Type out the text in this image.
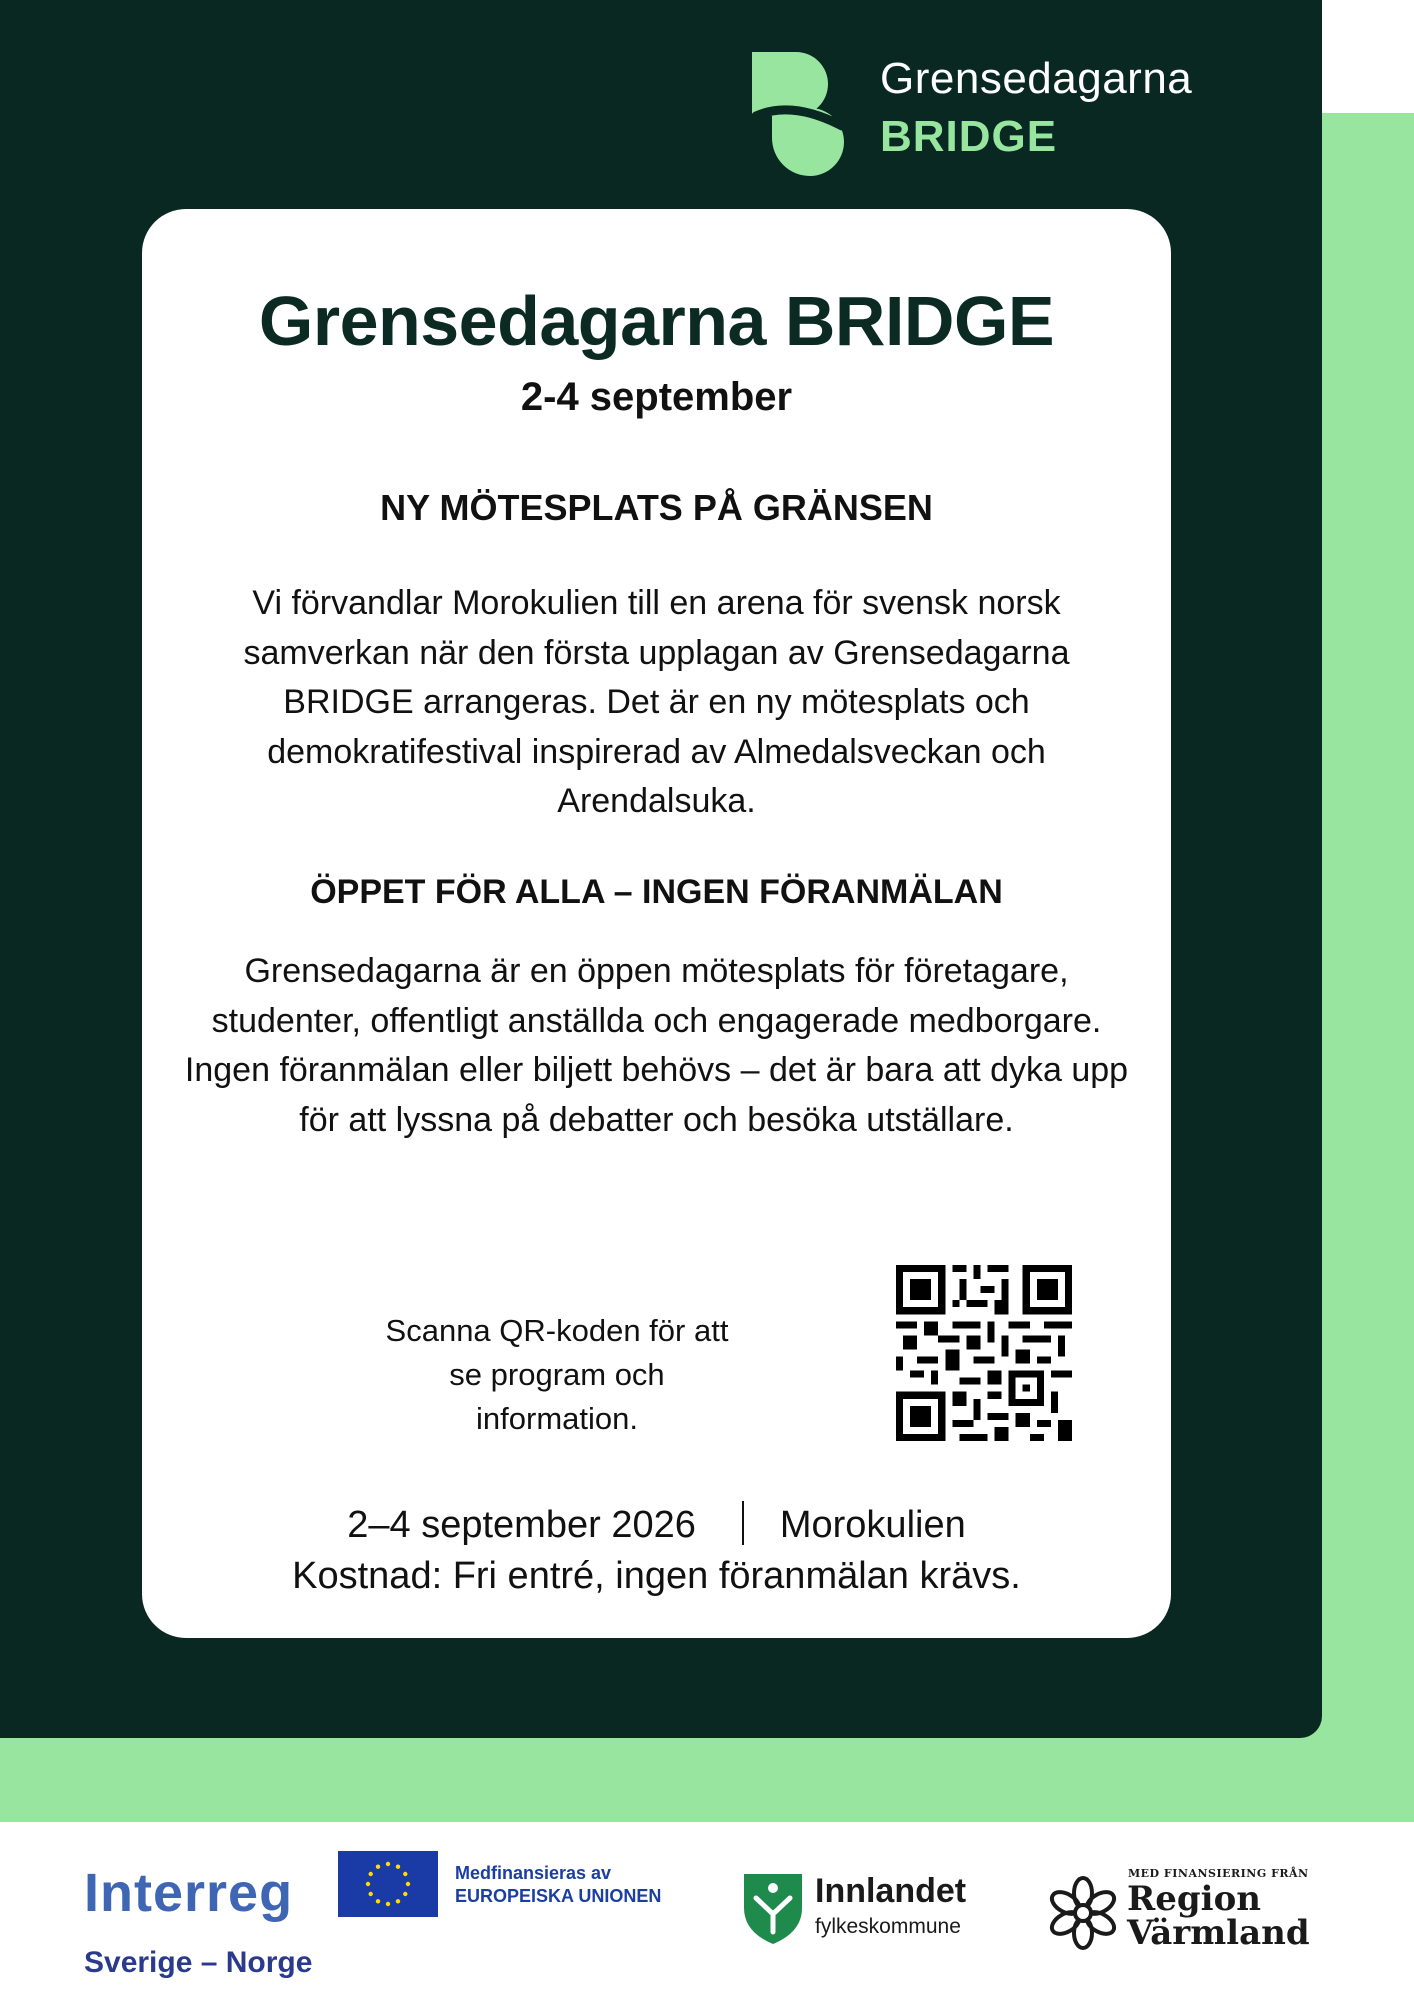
Grensedagarna
BRIDGE
Grensedagarna BRIDGE
2-4 september
NY MÖTESPLATS PÅ GRÄNSEN
Vi förvandlar Morokulien till en arena för svensk norsk samverkan när den första upplagan av Grensedagarna BRIDGE arrangeras. Det är en ny mötesplats och demokratifestival inspirerad av Almedalsveckan och Arendalsuka.
ÖPPET FÖR ALLA – INGEN FÖRANMÄLAN
Grensedagarna är en öppen mötesplats för företagare, studenter, offentligt anställda och engagerade medborgare. Ingen föranmälan eller biljett behövs – det är bara att dyka upp för att lyssna på debatter och besöka utställare.
Scanna QR-koden för att se program och information.
2–4 september 2026 Morokulien
Kostnad: Fri entré, ingen föranmälan krävs.
Interreg
Sverige – Norge
Medfinansieras av
EUROPEISKA UNIONEN	Innlandet
fylkeskommune
MED FINANSIERING FRÅN
Region
Värmland
